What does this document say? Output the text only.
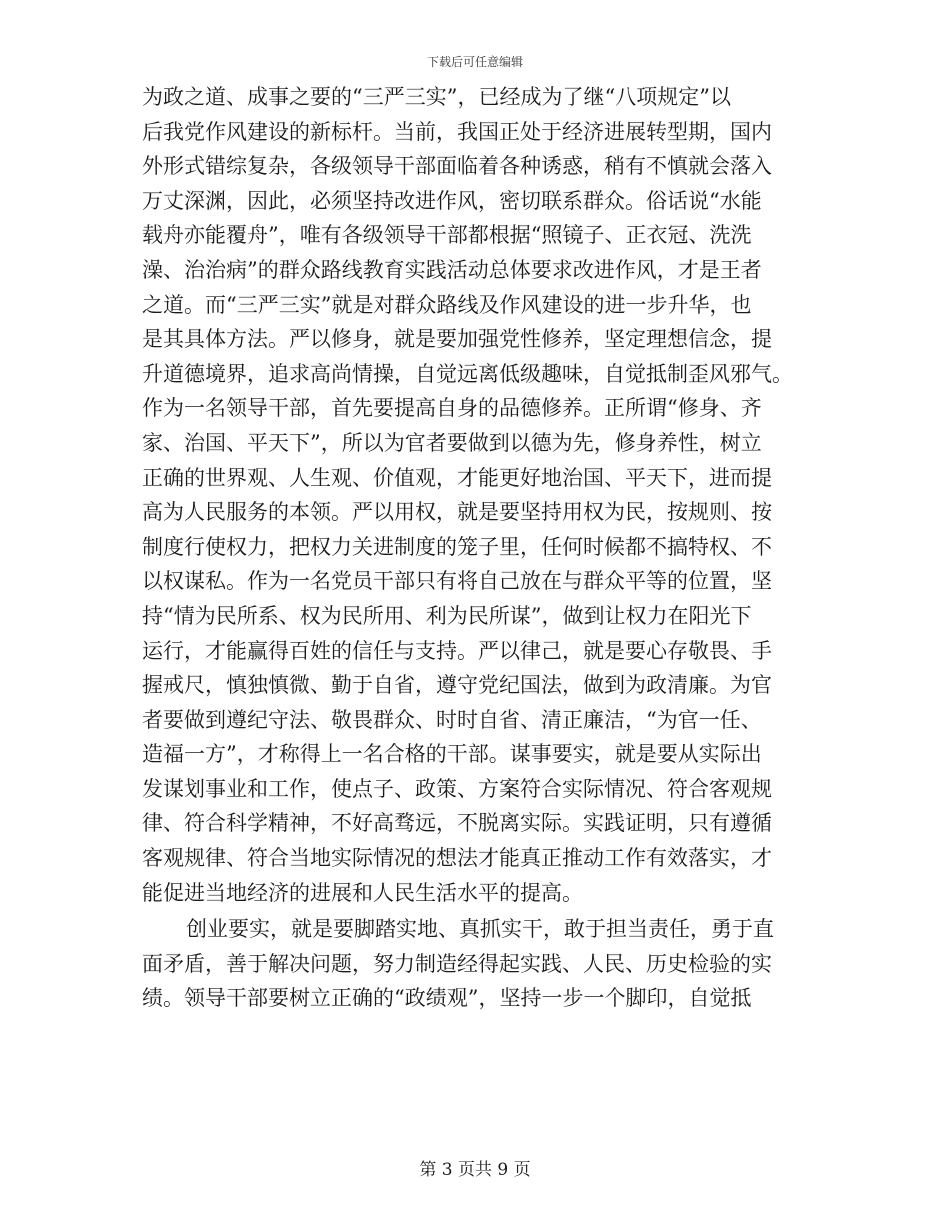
下载后可任意编辑
为政之道、成事之要的“三严三实”，已经成为了继“八项规定”以
后我党作风建设的新标杆。当前，我国正处于经济进展转型期，国内
外形式错综复杂，各级领导干部面临着各种诱惑，稍有不慎就会落入
万丈深渊，因此，必须坚持改进作风，密切联系群众。俗话说“水能
载舟亦能覆舟”，唯有各级领导干部都根据“照镜子、正衣冠、洗洗
澡、治治病”的群众路线教育实践活动总体要求改进作风，才是王者
之道。而“三严三实”就是对群众路线及作风建设的进一步升华，也
是其具体方法。严以修身，就是要加强党性修养，坚定理想信念，提
升道德境界，追求高尚情操，自觉远离低级趣味，自觉抵制歪风邪气。
作为一名领导干部，首先要提高自身的品德修养。正所谓“修身、齐
家、治国、平天下”，所以为官者要做到以德为先，修身养性，树立
正确的世界观、人生观、价值观，才能更好地治国、平天下，进而提
高为人民服务的本领。严以用权，就是要坚持用权为民，按规则、按
制度行使权力，把权力关进制度的笼子里，任何时候都不搞特权、不
以权谋私。作为一名党员干部只有将自己放在与群众平等的位置，坚
持“情为民所系、权为民所用、利为民所谋”，做到让权力在阳光下
运行，才能赢得百姓的信任与支持。严以律己，就是要心存敬畏、手
握戒尺，慎独慎微、勤于自省，遵守党纪国法，做到为政清廉。为官
者要做到遵纪守法、敬畏群众、时时自省、清正廉洁，“为官一任、
造福一方”，才称得上一名合格的干部。谋事要实，就是要从实际出
发谋划事业和工作，使点子、政策、方案符合实际情况、符合客观规
律、符合科学精神，不好高骛远，不脱离实际。实践证明，只有遵循
客观规律、符合当地实际情况的想法才能真正推动工作有效落实，才
能促进当地经济的进展和人民生活水平的提高。
创业要实，就是要脚踏实地、真抓实干，敢于担当责任，勇于直
面矛盾，善于解决问题，努力制造经得起实践、人民、历史检验的实
绩。领导干部要树立正确的“政绩观”，坚持一步一个脚印，自觉抵
第 3 页共 9 页
